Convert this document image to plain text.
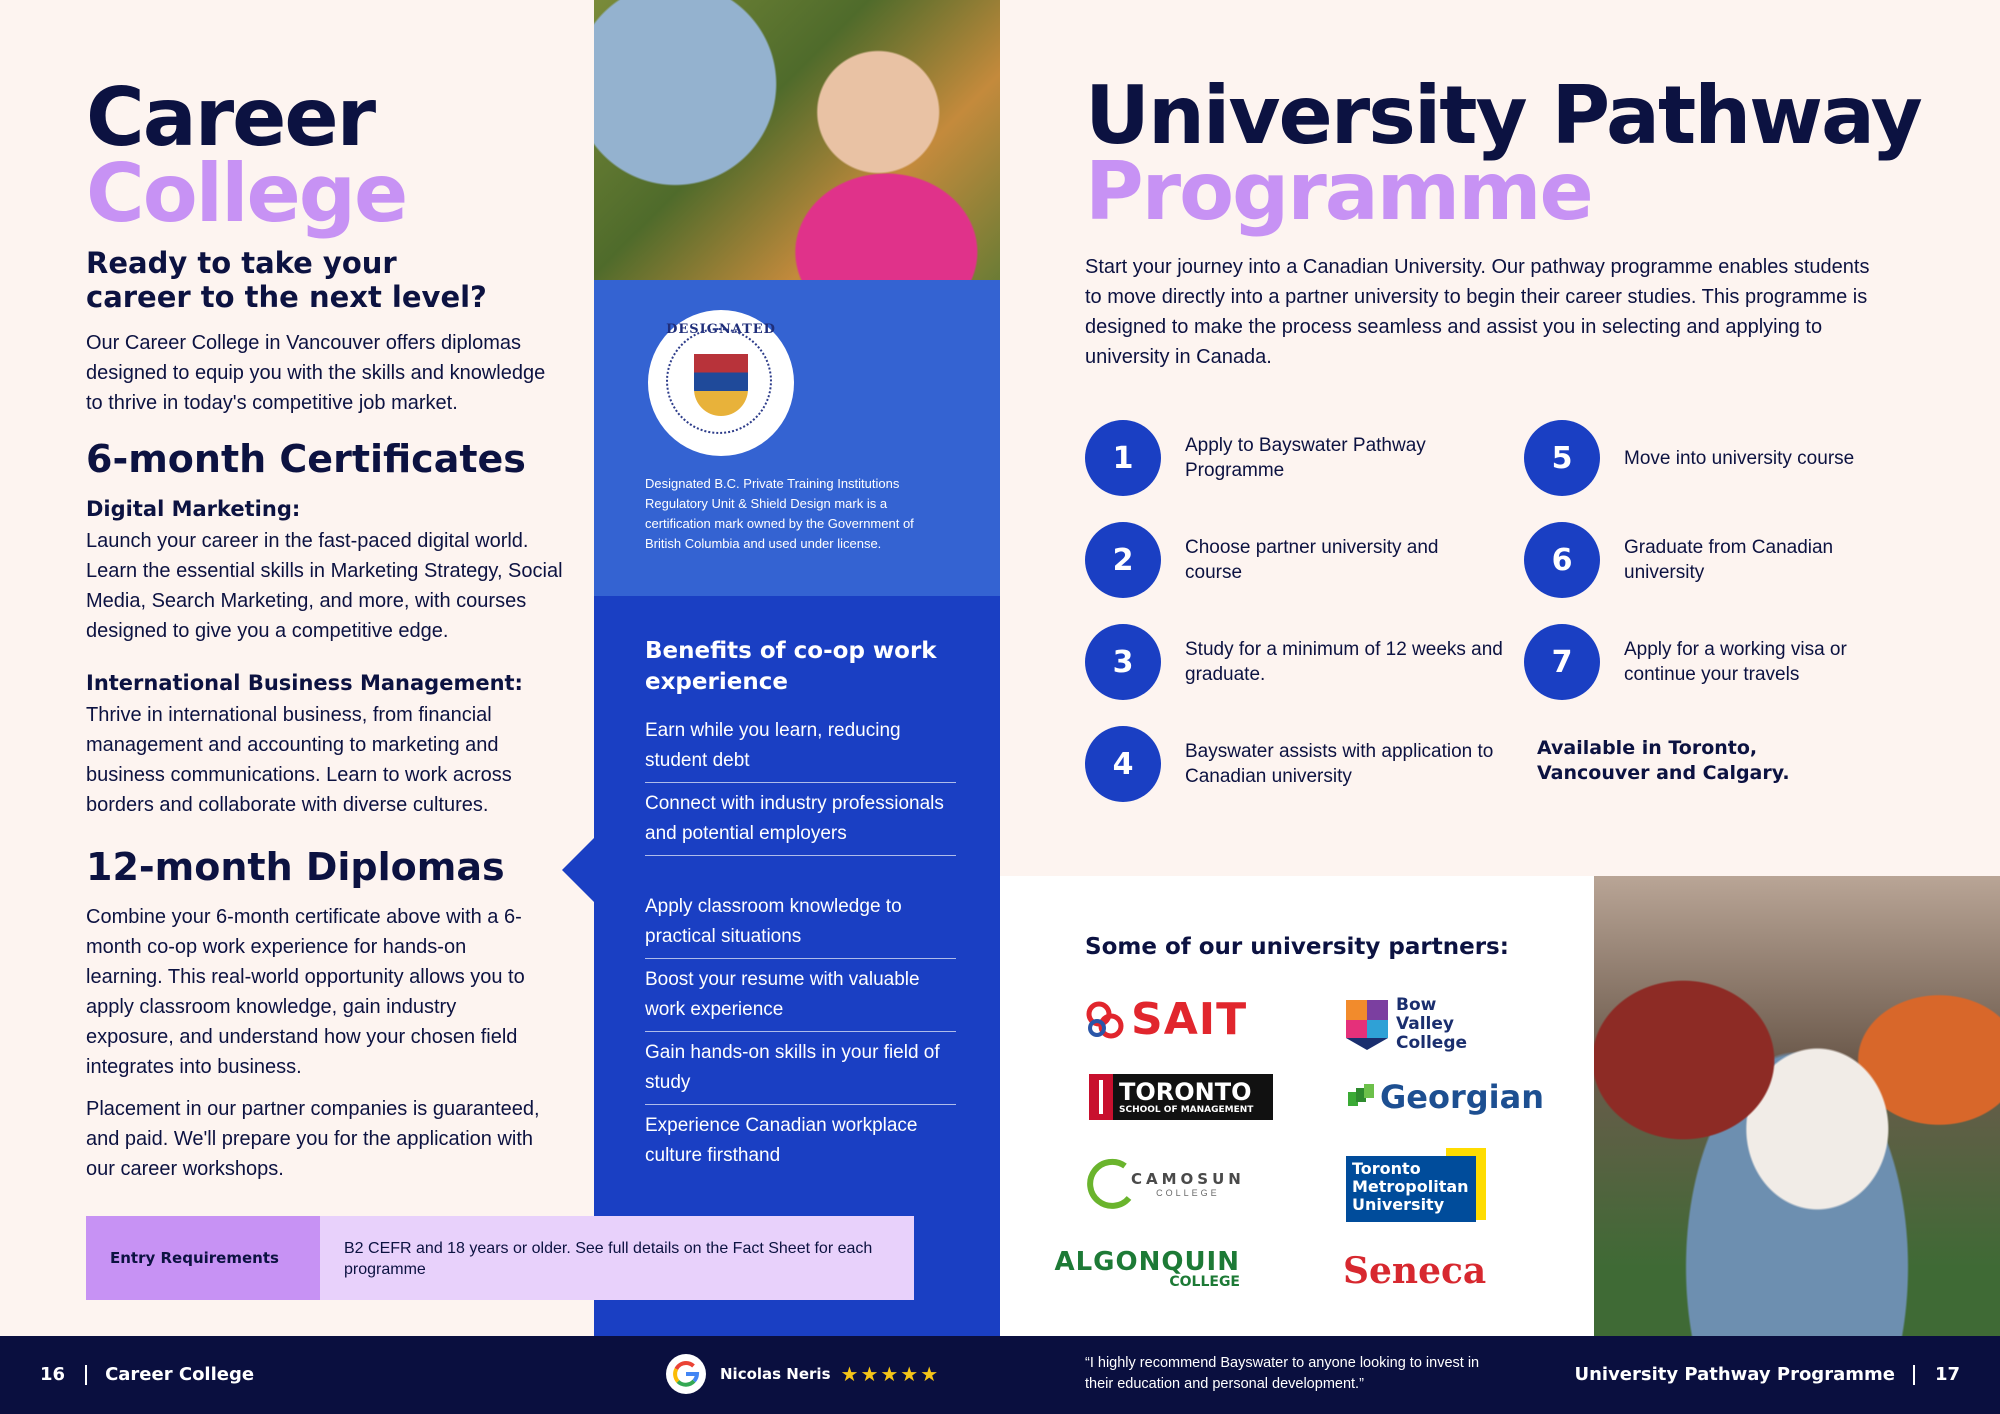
Career
College
Ready to take your career to the next level?

Our Career College in Vancouver offers diplomas designed to equip you with the skills and knowledge to thrive in today's competitive job market.

6-month Certificates
Digital Marketing:

Launch your career in the fast-paced digital world. Learn the essential skills in Marketing Strategy, Social Media, Search Marketing, and more, with courses designed to give you a competitive edge.

International Business Management:

Thrive in international business, from financial management and accounting to marketing and business communications. Learn to work across borders and collaborate with diverse cultures.

12-month Diplomas

Combine your 6-month certificate above with a 6-month co-op work experience for hands-on learning. This real-world opportunity allows you to apply classroom knowledge, gain industry exposure, and understand how your chosen field integrates into business.

Placement in our partner companies is guaranteed, and paid. We'll prepare you for the application with our career workshops.

Entry Requirements
DESIGNATED

Designated B.C. Private Training Institutions Regulatory Unit & Shield Design mark is a certification mark owned by the Government of British Columbia and used under license.

Benefits of co-op work experience
Earn while you learn, reducing student debt
Connect with industry professionals and potential employers
Apply classroom knowledge to practical situations
Boost your resume with valuable work experience
Gain hands-on skills in your field of study
Experience Canadian workplace culture firsthand
B2 CEFR and 18 years or older. See full details on the Fact Sheet for each programme
University Pathway
Programme

Start your journey into a Canadian University. Our pathway programme enables students to move directly into a partner university to begin their career studies. This programme is designed to make the process seamless and assist you in selecting and applying to university in Canada.

1	Apply to Bayswater Pathway Programme
2	Choose partner university and course
3	Study for a minimum of 12 weeks and graduate.
4	Bayswater assists with application to Canadian university
5	Move into university course
6	Graduate from Canadian university
7	Apply for a working visa or continue your travels
Available in Toronto, Vancouver and Calgary.
Some of our university partners:
SAIT	Bow Valley College
TORONTO
SCHOOL OF MANAGEMENT	Georgian
CAMOSUN
COLLEGE
Toronto Metropolitan University
ALGONQUIN
COLLEGE	Seneca
16 Career College	Nicolas Neris ★★★★★	“I highly recommend Bayswater to anyone looking to invest in their education and personal development.”	University Pathway Programme 17
